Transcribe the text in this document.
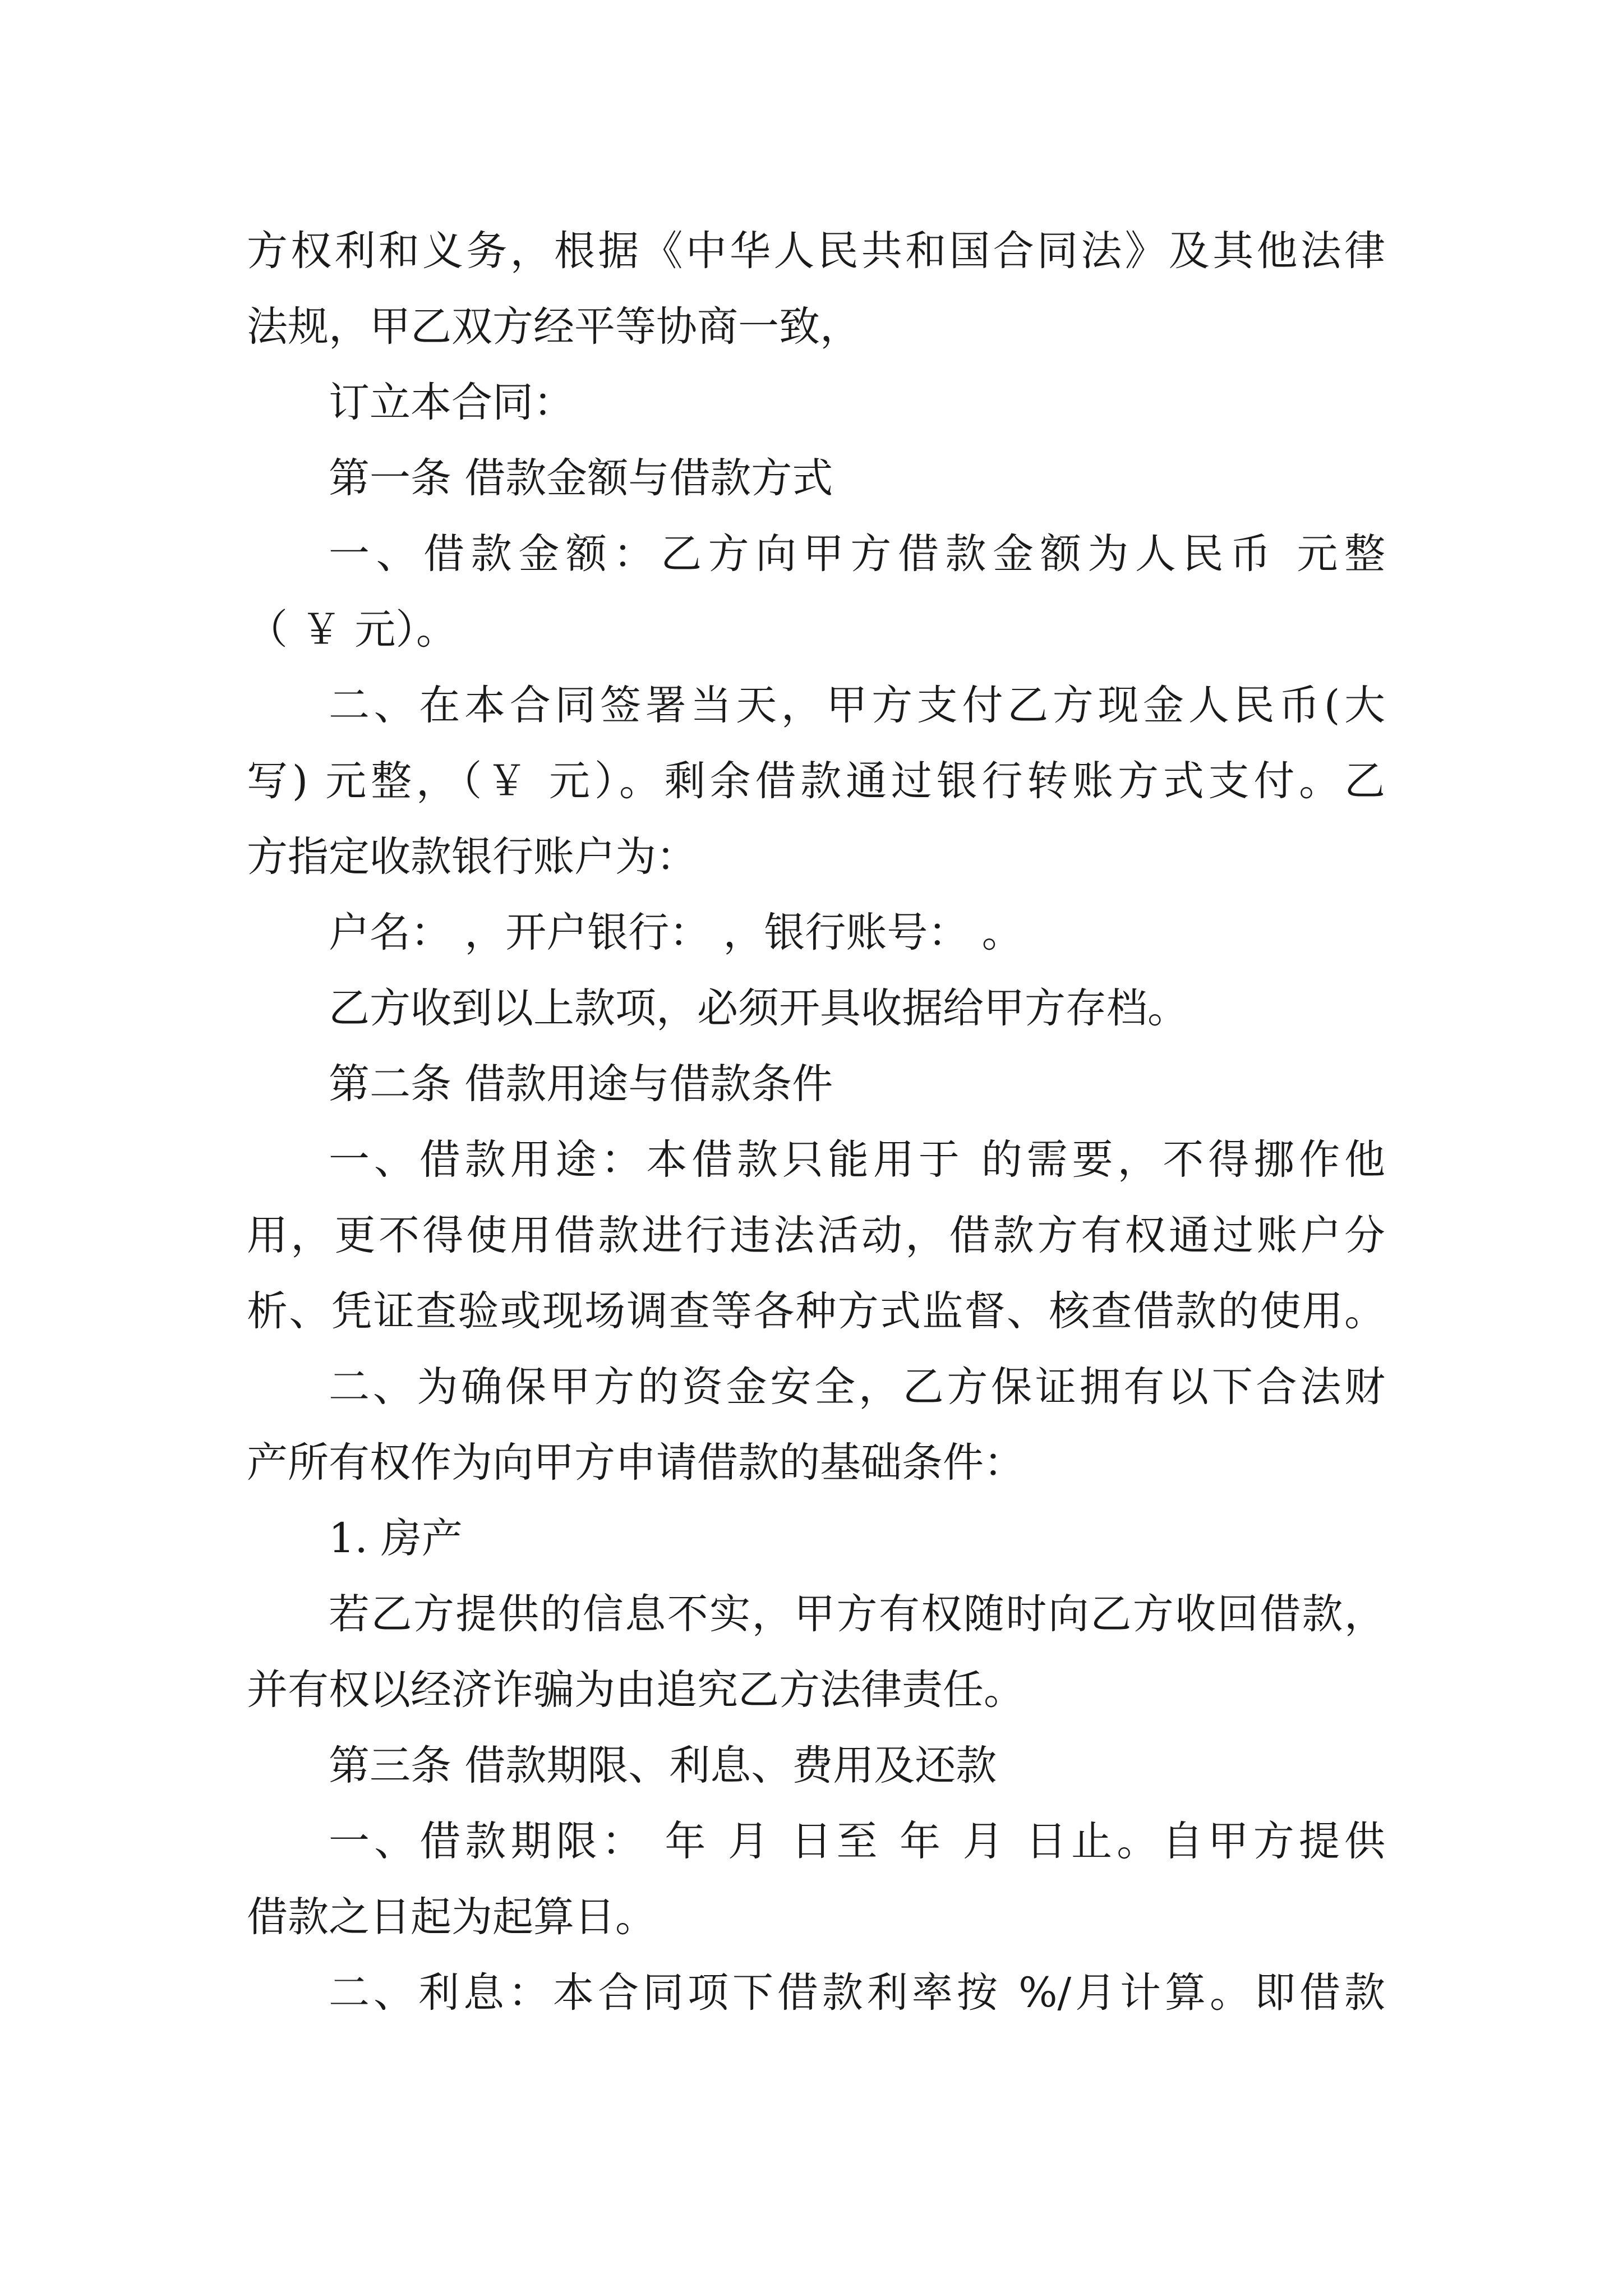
方权利和义务，根据《中华人民共和国合同法》及其他法律
法规，甲乙双方经平等协商一致，
订立本合同：
第一条 借款金额与借款方式
一、借款金额：乙方向甲方借款金额为人民币 元整
（ ￥ 元）。
二、在本合同签署当天，甲方支付乙方现金人民币(大
写) 元整，（￥ 元）。剩余借款通过银行转账方式支付。乙
方指定收款银行账户为：
户名： ，开户银行： ，银行账号： 。
乙方收到以上款项，必须开具收据给甲方存档。
第二条 借款用途与借款条件
一、借款用途：本借款只能用于 的需要，不得挪作他
用，更不得使用借款进行违法活动，借款方有权通过账户分
析、凭证查验或现场调查等各种方式监督、核查借款的使用。
二、为确保甲方的资金安全，乙方保证拥有以下合法财
产所有权作为向甲方申请借款的基础条件：
1. 房产
若乙方提供的信息不实，甲方有权随时向乙方收回借款，
并有权以经济诈骗为由追究乙方法律责任。
第三条 借款期限、利息、费用及还款
一、借款期限： 年 月 日至 年 月 日止。自甲方提供
借款之日起为起算日。
二、利息：本合同项下借款利率按 %/月计算。即借款
